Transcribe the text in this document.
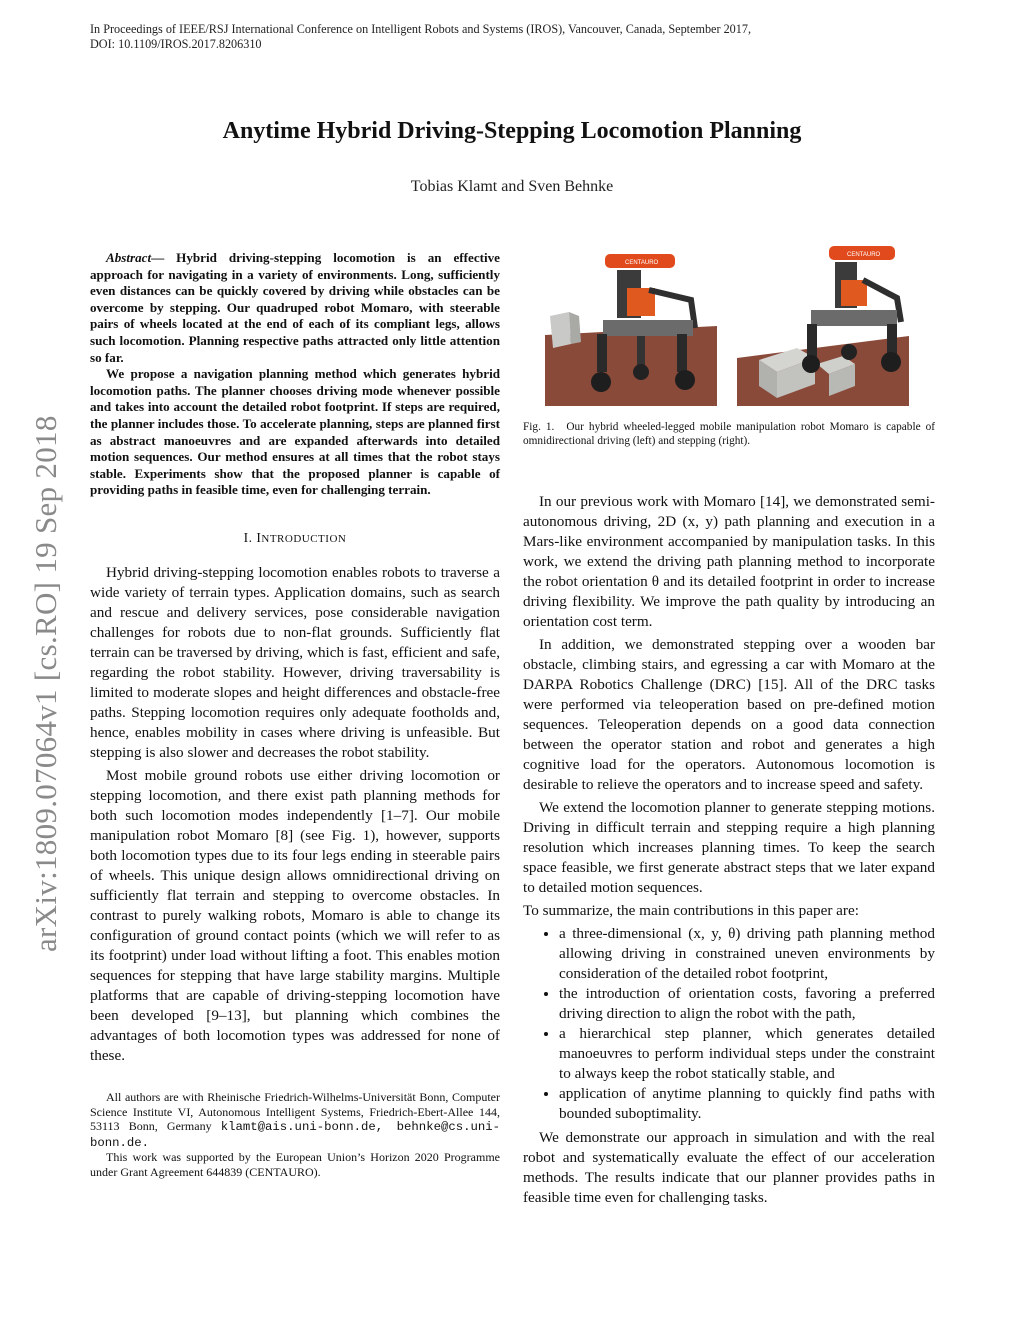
In Proceedings of IEEE/RSJ International Conference on Intelligent Robots and Systems (IROS), Vancouver, Canada, September 2017,
DOI: 10.1109/IROS.2017.8206310
Anytime Hybrid Driving-Stepping Locomotion Planning
Tobias Klamt and Sven Behnke
arXiv:1809.07064v1 [cs.RO] 19 Sep 2018

Abstract— Hybrid driving-stepping locomotion is an effective approach for navigating in a variety of environments. Long, sufficiently even distances can be quickly covered by driving while obstacles can be overcome by stepping. Our quadruped robot Momaro, with steerable pairs of wheels located at the end of each of its compliant legs, allows such locomotion. Planning respective paths attracted only little attention so far.

We propose a navigation planning method which generates hybrid locomotion paths. The planner chooses driving mode whenever possible and takes into account the detailed robot footprint. If steps are required, the planner includes those. To accelerate planning, steps are planned first as abstract manoeuvres and are expanded afterwards into detailed motion sequences. Our method ensures at all times that the robot stays stable. Experiments show that the proposed planner is capable of providing paths in feasible time, even for challenging terrain.

I. INTRODUCTION

Hybrid driving-stepping locomotion enables robots to traverse a wide variety of terrain types. Application domains, such as search and rescue and delivery services, pose considerable navigation challenges for robots due to non-flat grounds. Sufficiently flat terrain can be traversed by driving, which is fast, efficient and safe, regarding the robot stability. However, driving traversability is limited to moderate slopes and height differences and obstacle-free paths. Stepping locomotion requires only adequate footholds and, hence, enables mobility in cases where driving is unfeasible. But stepping is also slower and decreases the robot stability.

Most mobile ground robots use either driving locomotion or stepping locomotion, and there exist path planning methods for both such locomotion modes independently [1–7]. Our mobile manipulation robot Momaro [8] (see Fig. 1), however, supports both locomotion types due to its four legs ending in steerable pairs of wheels. This unique design allows omnidirectional driving on sufficiently flat terrain and stepping to overcome obstacles. In contrast to purely walking robots, Momaro is able to change its configuration of ground contact points (which we will refer to as its footprint) under load without lifting a foot. This enables motion sequences for stepping that have large stability margins. Multiple platforms that are capable of driving-stepping locomotion have been developed [9–13], but planning which combines the advantages of both locomotion types was addressed for none of these.

All authors are with Rheinische Friedrich-Wilhelms-Universität Bonn, Computer Science Institute VI, Autonomous Intelligent Systems, Friedrich-Ebert-Allee 144, 53113 Bonn, Germany klamt@ais.uni-bonn.de, behnke@cs.uni-bonn.de.

This work was supported by the European Union’s Horizon 2020 Programme under Grant Agreement 644839 (CENTAURO).

CENTAURO
CENTAURO
Fig. 1. Our hybrid wheeled-legged mobile manipulation robot Momaro is capable of omnidirectional driving (left) and stepping (right).

In our previous work with Momaro [14], we demonstrated semi-autonomous driving, 2D (x, y) path planning and execution in a Mars-like environment accompanied by manipulation tasks. In this work, we extend the driving path planning method to incorporate the robot orientation θ and its detailed footprint in order to increase driving flexibility. We improve the path quality by introducing an orientation cost term.

In addition, we demonstrated stepping over a wooden bar obstacle, climbing stairs, and egressing a car with Momaro at the DARPA Robotics Challenge (DRC) [15]. All of the DRC tasks were performed via teleoperation based on pre-defined motion sequences. Teleoperation depends on a good data connection between the operator station and robot and generates a high cognitive load for the operators. Autonomous locomotion is desirable to relieve the operators and to increase speed and safety.

We extend the locomotion planner to generate stepping motions. Driving in difficult terrain and stepping require a high planning resolution which increases planning times. To keep the search space feasible, we first generate abstract steps that we later expand to detailed motion sequences.

To summarize, the main contributions in this paper are:

• a three-dimensional (x, y, θ) driving path planning method allowing driving in constrained uneven environments by consideration of the detailed robot footprint,
• the introduction of orientation costs, favoring a preferred driving direction to align the robot with the path,
• a hierarchical step planner, which generates detailed manoeuvres to perform individual steps under the constraint to always keep the robot statically stable, and
• application of anytime planning to quickly find paths with bounded suboptimality.

We demonstrate our approach in simulation and with the real robot and systematically evaluate the effect of our acceleration methods. The results indicate that our planner provides paths in feasible time even for challenging tasks.
